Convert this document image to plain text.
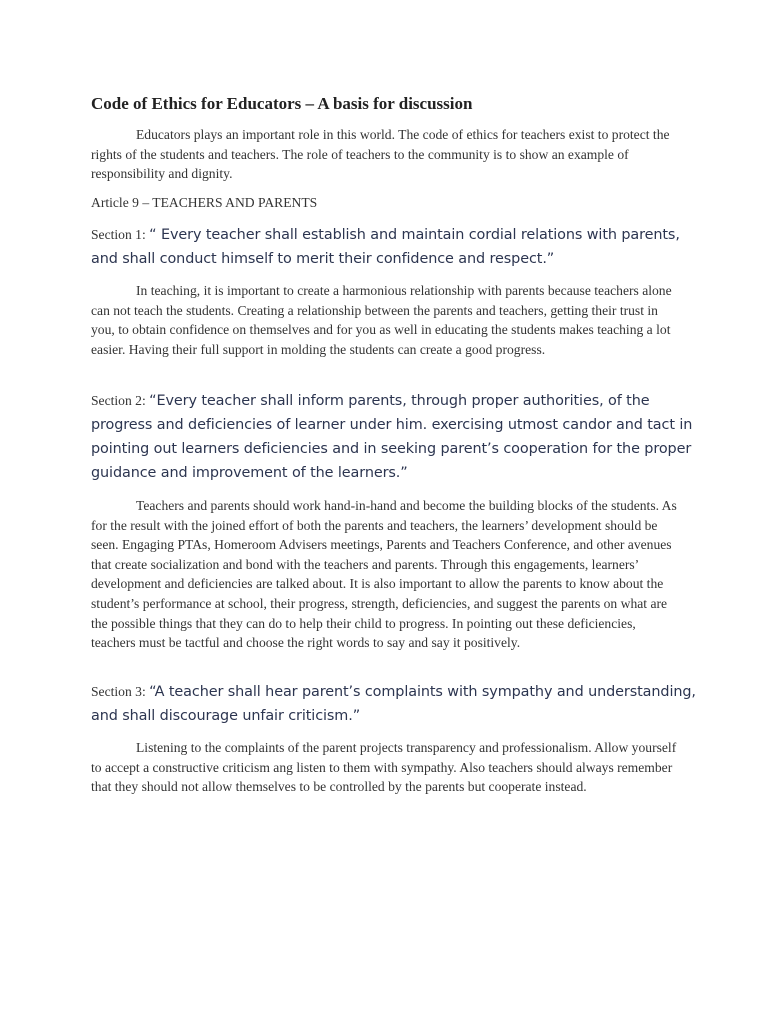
Code of Ethics for Educators – A basis for discussion

Educators plays an important role in this world. The code of ethics for teachers exist to protect the rights of the students and teachers. The role of teachers to the community is to show an example of responsibility and dignity.

Article 9 – TEACHERS AND PARENTS

Section 1: “ Every teacher shall establish and maintain cordial relations with parents, and shall conduct himself to merit their confidence and respect.”

In teaching, it is important to create a harmonious relationship with parents because teachers alone can not teach the students. Creating a relationship between the parents and teachers, getting their trust in you, to obtain confidence on themselves and for you as well in educating the students makes teaching a lot easier. Having their full support in molding the students can create a good progress.

Section 2: “Every teacher shall inform parents, through proper authorities, of the progress and deficiencies of learner under him. exercising utmost candor and tact in pointing out learners deficiencies and in seeking parent’s cooperation for the proper guidance and improvement of the learners.”

Teachers and parents should work hand-in-hand and become the building blocks of the students. As for the result with the joined effort of both the parents and teachers, the learners’ development should be seen. Engaging PTAs, Homeroom Advisers meetings, Parents and Teachers Conference, and other avenues that create socialization and bond with the teachers and parents. Through this engagements, learners’ development and deficiencies are talked about. It is also important to allow the parents to know about the student’s performance at school, their progress, strength, deficiencies, and suggest the parents on what are the possible things that they can do to help their child to progress. In pointing out these deficiencies, teachers must be tactful and choose the right words to say and say it positively.

Section 3: “A teacher shall hear parent’s complaints with sympathy and understanding, and shall discourage unfair criticism.”

Listening to the complaints of the parent projects transparency and professionalism. Allow yourself to accept a constructive criticism ang listen to them with sympathy. Also teachers should always remember that they should not allow themselves to be controlled by the parents but cooperate instead.
